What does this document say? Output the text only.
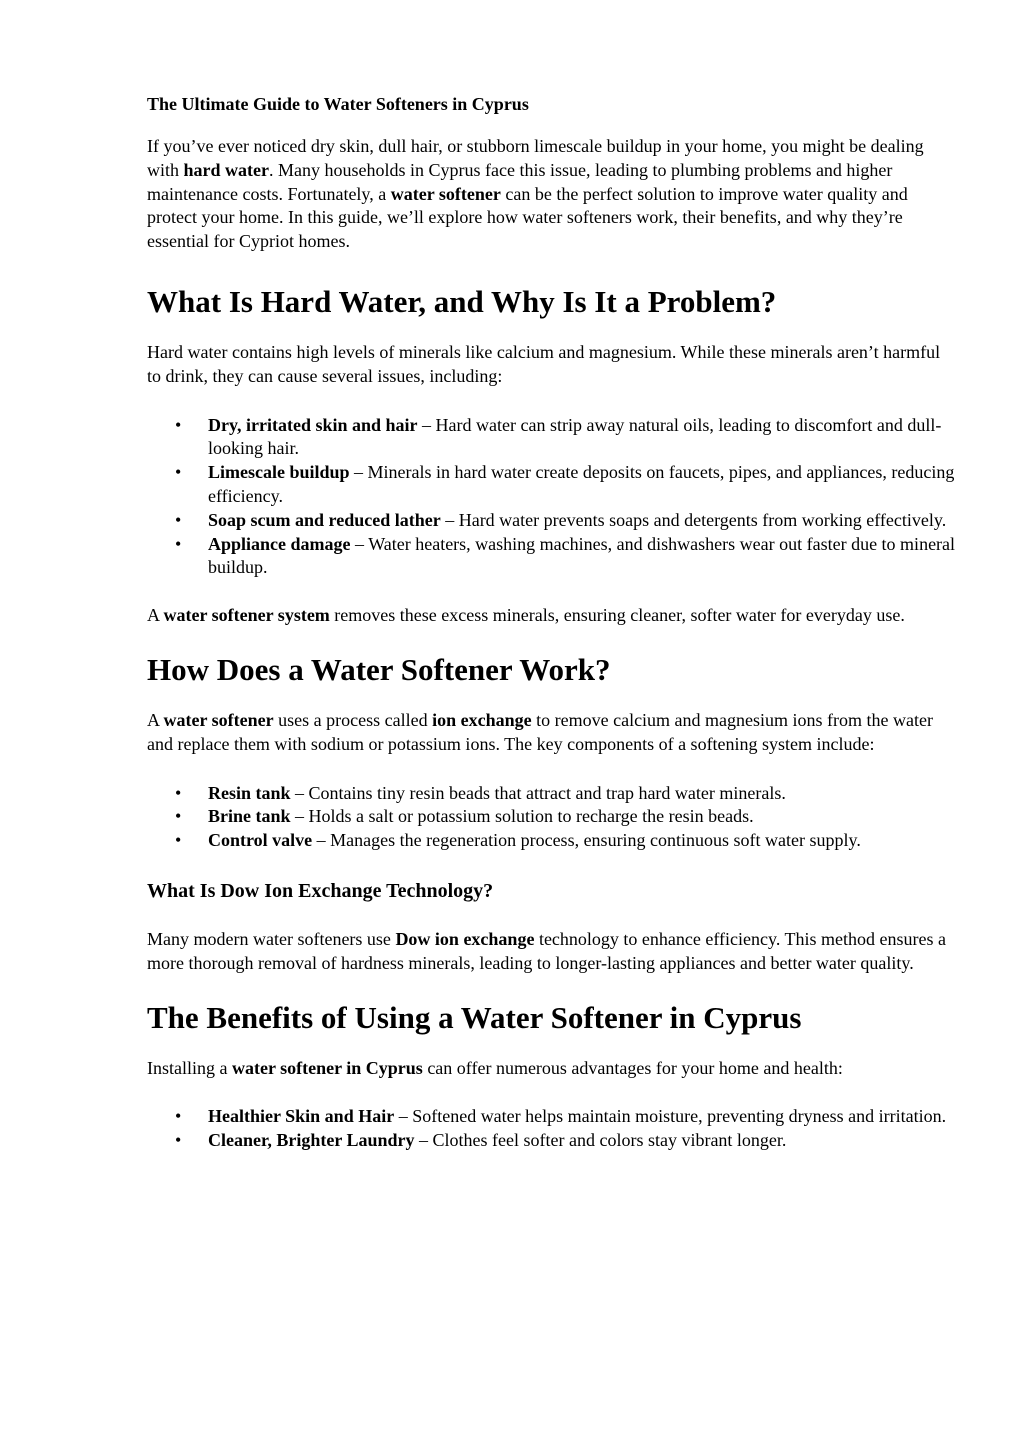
The Ultimate Guide to Water Softeners in Cyprus

If you’ve ever noticed dry skin, dull hair, or stubborn limescale buildup in your home, you might be dealing with hard water. Many households in Cyprus face this issue, leading to plumbing problems and higher maintenance costs. Fortunately, a water softener can be the perfect solution to improve water quality and protect your home. In this guide, we’ll explore how water softeners work, their benefits, and why they’re essential for Cypriot homes.

What Is Hard Water, and Why Is It a Problem?

Hard water contains high levels of minerals like calcium and magnesium. While these minerals aren’t harmful to drink, they can cause several issues, including:

• Dry, irritated skin and hair – Hard water can strip away natural oils, leading to discomfort and dull-looking hair.
• Limescale buildup – Minerals in hard water create deposits on faucets, pipes, and appliances, reducing efficiency.
• Soap scum and reduced lather – Hard water prevents soaps and detergents from working effectively.
• Appliance damage – Water heaters, washing machines, and dishwashers wear out faster due to mineral buildup.

A water softener system removes these excess minerals, ensuring cleaner, softer water for everyday use.

How Does a Water Softener Work?

A water softener uses a process called ion exchange to remove calcium and magnesium ions from the water and replace them with sodium or potassium ions. The key components of a softening system include:

• Resin tank – Contains tiny resin beads that attract and trap hard water minerals.
• Brine tank – Holds a salt or potassium solution to recharge the resin beads.
• Control valve – Manages the regeneration process, ensuring continuous soft water supply.
What Is Dow Ion Exchange Technology?

Many modern water softeners use Dow ion exchange technology to enhance efficiency. This method ensures a more thorough removal of hardness minerals, leading to longer-lasting appliances and better water quality.

The Benefits of Using a Water Softener in Cyprus

Installing a water softener in Cyprus can offer numerous advantages for your home and health:

• Healthier Skin and Hair – Softened water helps maintain moisture, preventing dryness and irritation.
• Cleaner, Brighter Laundry – Clothes feel softer and colors stay vibrant longer.
